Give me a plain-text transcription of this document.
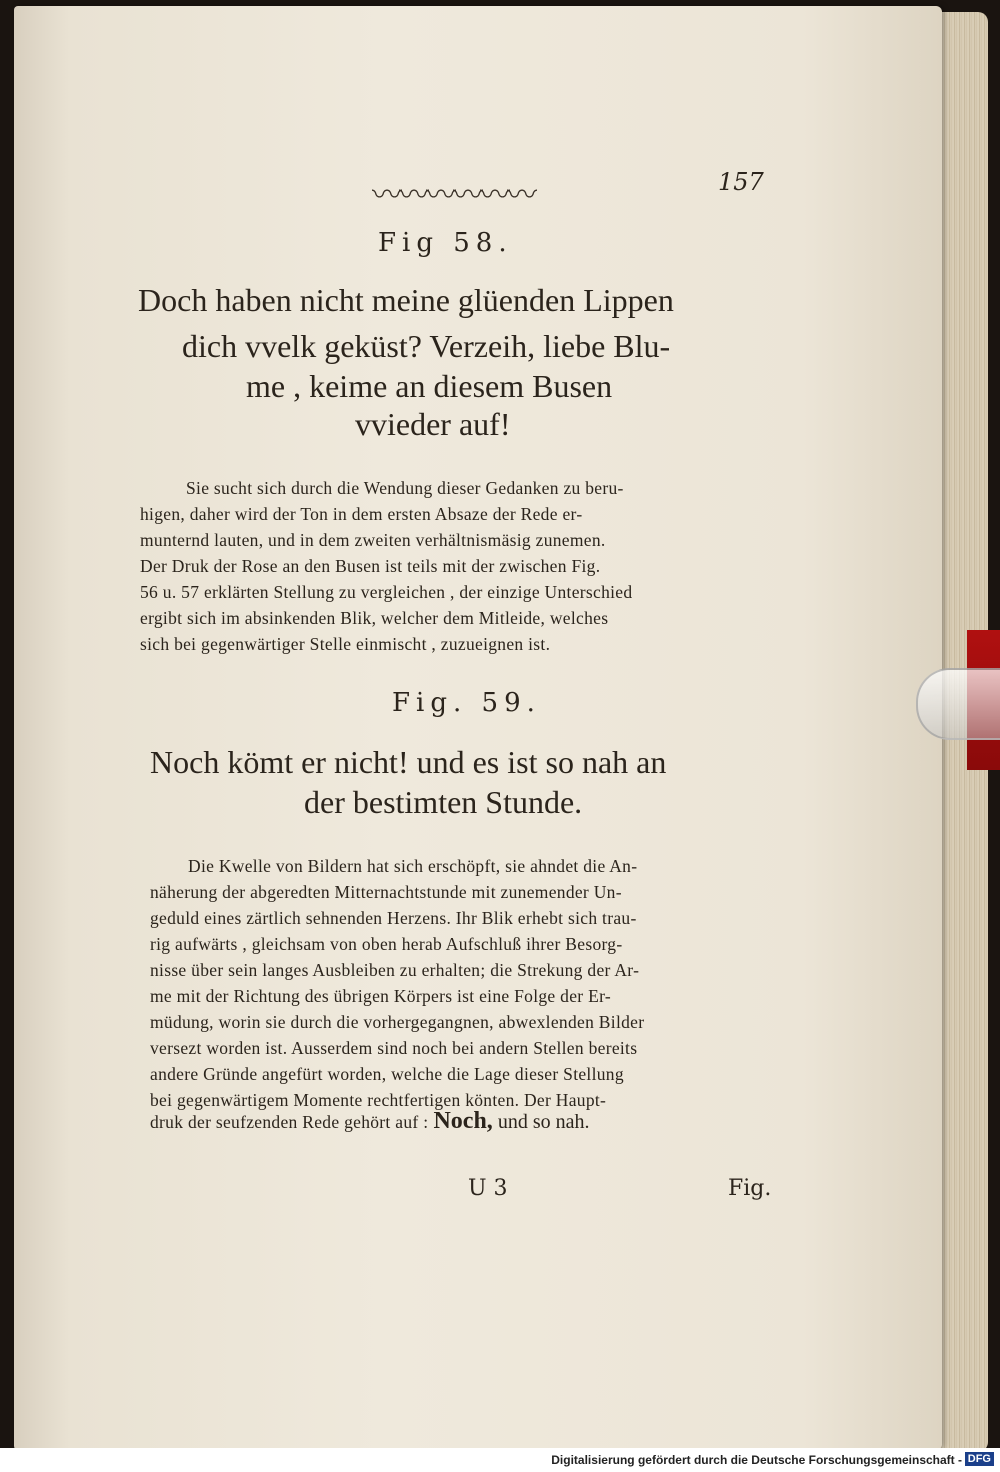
〰〰〰〰〰〰	157
Fig 58.
Doch haben nicht meine glüenden Lippen
dich vvelk geküst? Verzeih, liebe Blu-
me , keime an diesem Busen
vvieder auf!
Sie sucht sich durch die Wendung dieser Gedanken zu beru-
higen, daher wird der Ton in dem ersten Absaze der Rede er-
munternd lauten, und in dem zweiten verhältnismäsig zunemen.
Der Druk der Rose an den Busen ist teils mit der zwischen Fig.
56 u. 57 erklärten Stellung zu vergleichen , der einzige Unterschied
ergibt sich im absinkenden Blik, welcher dem Mitleide, welches
sich bei gegenwärtiger Stelle einmischt , zuzueignen ist.
Fig. 59.
Noch kömt er nicht! und es ist so nah an
der bestimten Stunde.
Die Kwelle von Bildern hat sich erschöpft, sie ahndet die An-
näherung der abgeredten Mitternachtstunde mit zunemender Un-
geduld eines zärtlich sehnenden Herzens. Ihr Blik erhebt sich trau-
rig aufwärts , gleichsam von oben herab Aufschluß ihrer Besorg-
nisse über sein langes Ausbleiben zu erhalten; die Strekung der Ar-
me mit der Richtung des übrigen Körpers ist eine Folge der Er-
müdung, worin sie durch die vorhergegangnen, abwexlenden Bilder
versezt worden ist. Ausserdem sind noch bei andern Stellen bereits
andere Gründe angefürt worden, welche die Lage dieser Stellung
bei gegenwärtigem Momente rechtfertigen könten. Der Haupt-
druk der seufzenden Rede gehört auf : Noch, und so nah.
U 3	Fig.
Digitalisierung gefördert durch die Deutsche Forschungsgemeinschaft - DFG
